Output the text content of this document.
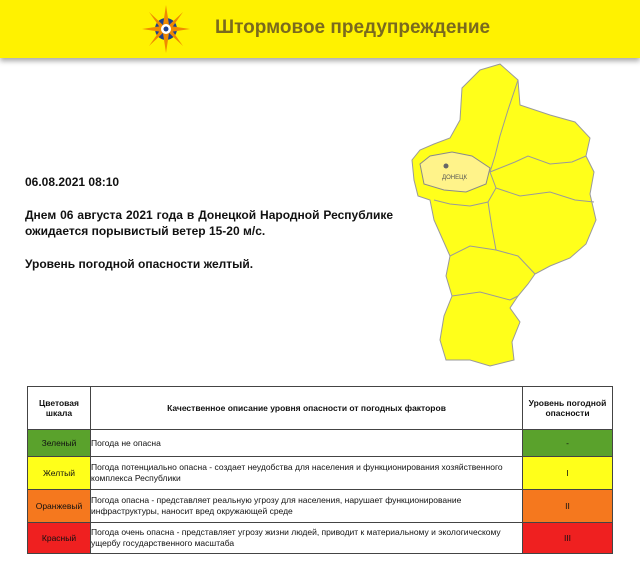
Штормовое предупреждение
ДОНЕЦК

06.08.2021 08:10

Днем 06 августа 2021 года в Донецкой Народной Республике ожидается порывистый ветер 15-20 м/с.

Уровень погодной опасности желтый.

Цветовая шкала	Качественное описание уровня опасности от погодных факторов	Уровень погодной опасности
Зеленый	Погода не опасна	-
Желтый	Погода потенциально опасна - создает неудобства для населения и функционирования хозяйственного комплекса Республики	I
Оранжевый	Погода опасна - представляет реальную угрозу для населения, нарушает функционирование инфраструктуры, наносит вред окружающей среде	II
Красный	Погода очень опасна - представляет угрозу жизни людей, приводит к материальному и экологическому ущербу государственного масштаба	III
